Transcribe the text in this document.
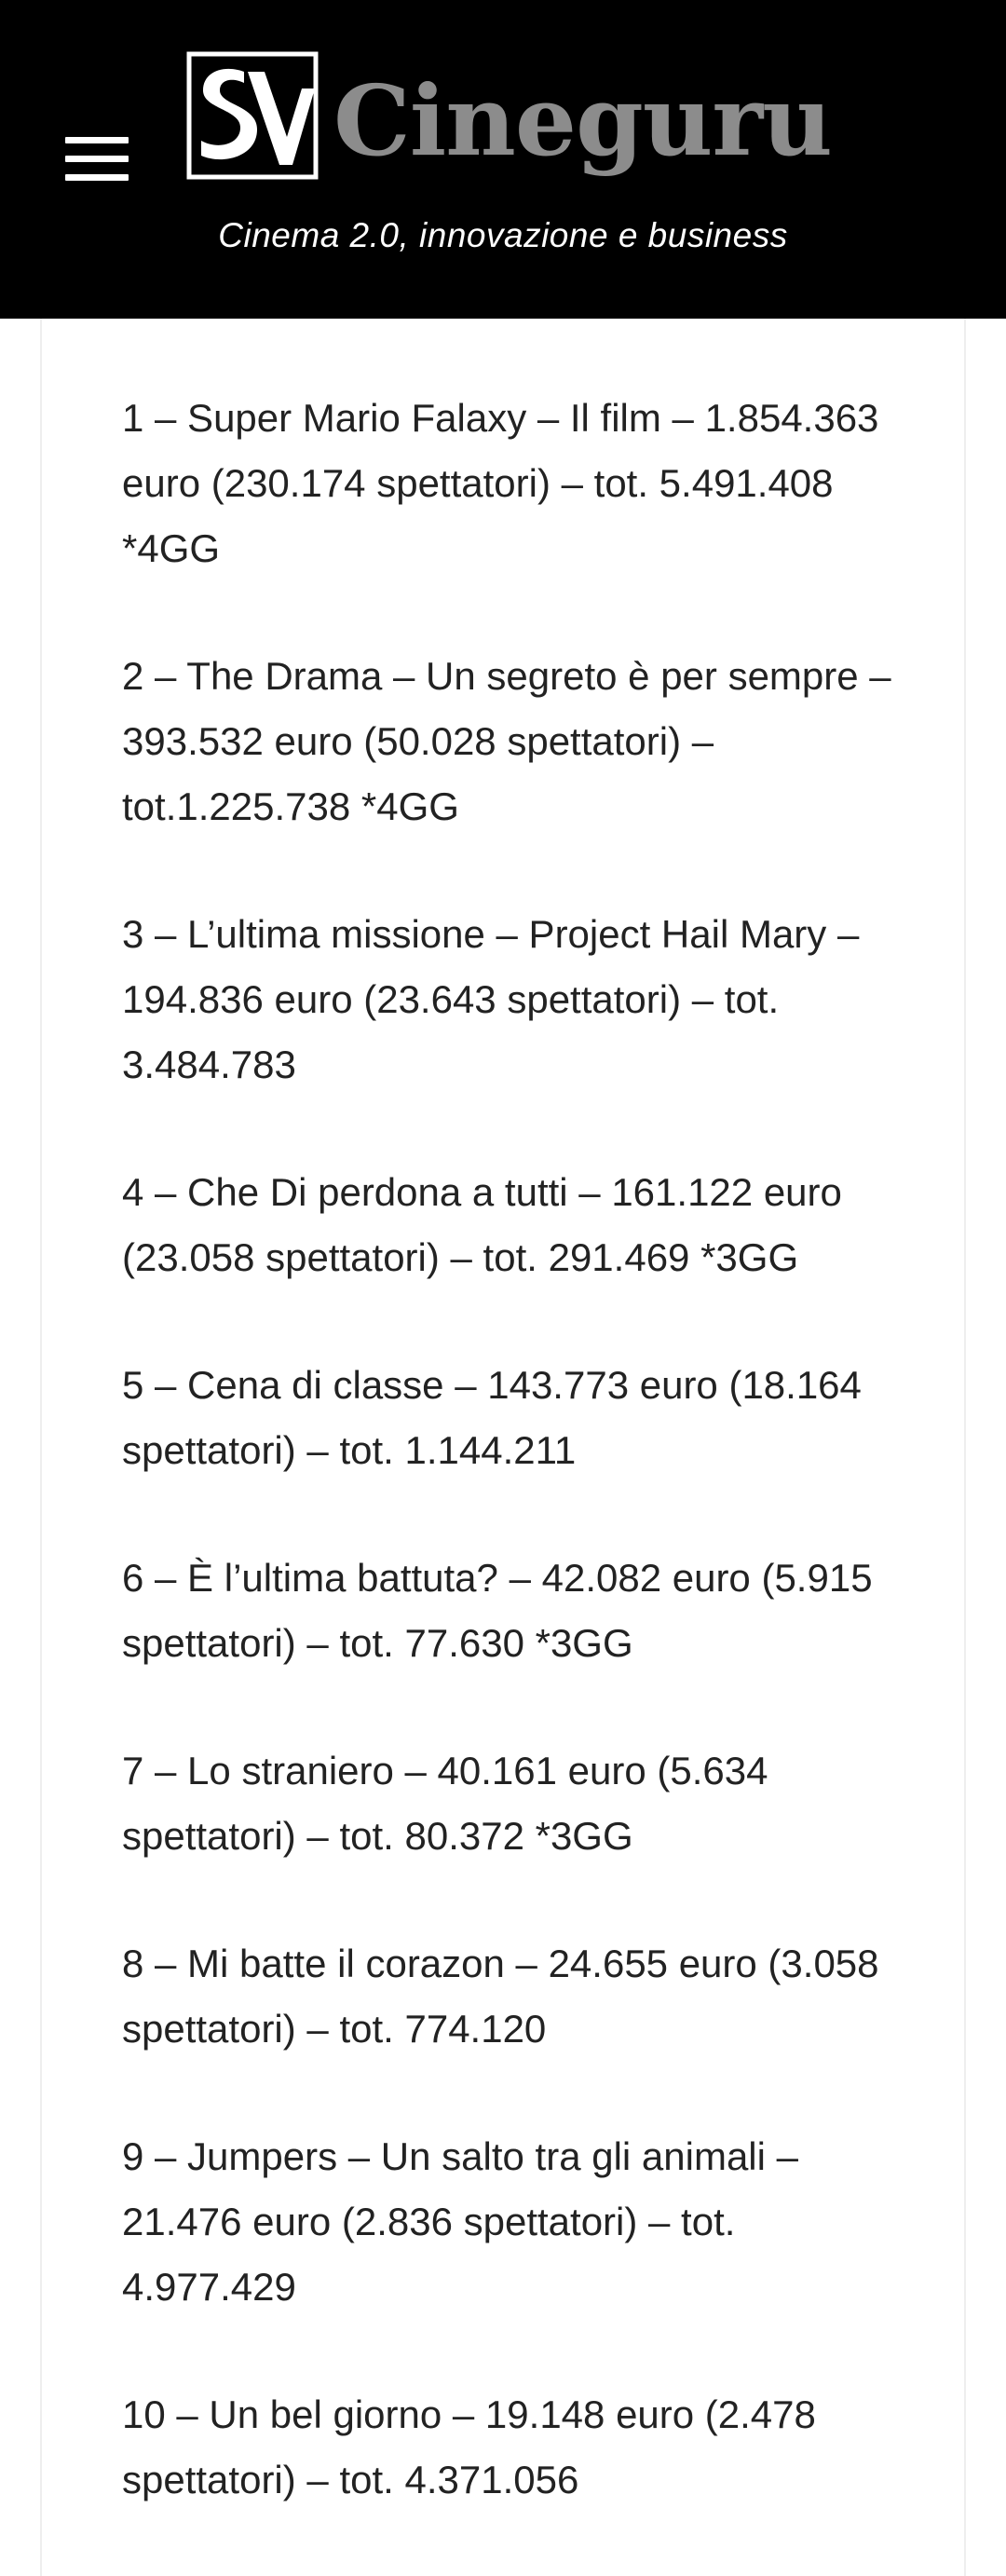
Cineguru
Cinema 2.0, innovazione e business
1 – Super Mario Falaxy – Il film – 1.854.363 euro (230.174 spettatori) – tot. 5.491.408 *4GG
2 – The Drama – Un segreto è per sempre – 393.532 euro (50.028 spettatori) – tot.1.225.738 *4GG
3 – L’ultima missione – Project Hail Mary – 194.836 euro (23.643 spettatori) – tot. 3.484.783
4 – Che Di perdona a tutti – 161.122 euro (23.058 spettatori) – tot. 291.469 *3GG
5 – Cena di classe – 143.773 euro (18.164 spettatori) – tot. 1.144.211
6 – È l’ultima battuta? – 42.082 euro (5.915 spettatori) – tot. 77.630 *3GG
7 – Lo straniero – 40.161 euro (5.634 spettatori) – tot. 80.372 *3GG
8 – Mi batte il corazon – 24.655 euro (3.058 spettatori) – tot. 774.120
9 – Jumpers – Un salto tra gli animali – 21.476 euro (2.836 spettatori) – tot. 4.977.429
10 – Un bel giorno – 19.148 euro (2.478 spettatori) – tot. 4.371.056
